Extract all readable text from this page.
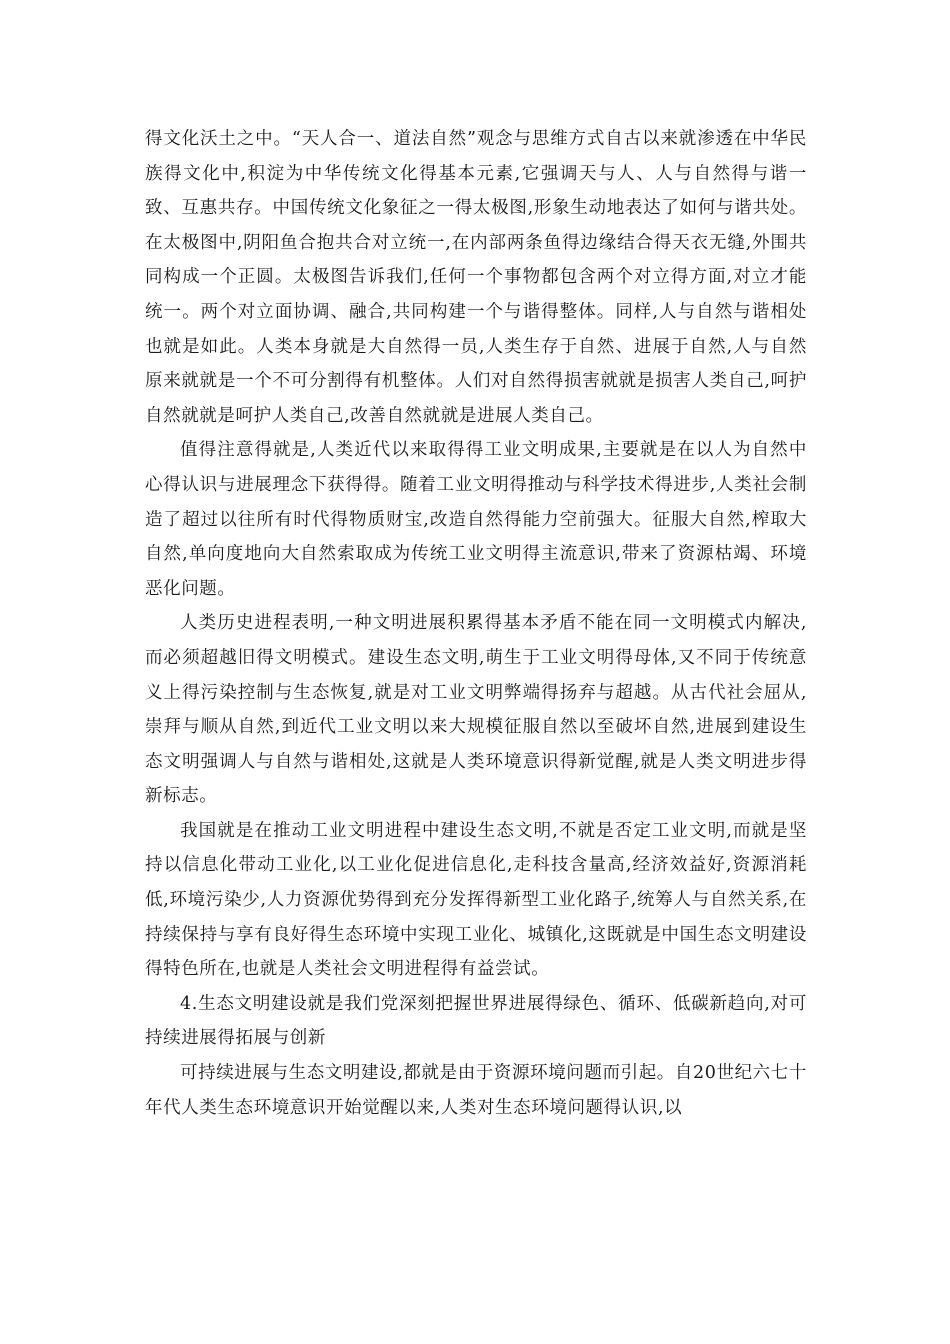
得文化沃土之中。“天人合一、道法自然”观念与思维方式自古以来就渗透在中华民族得文化中,积淀为中华传统文化得基本元素,它强调天与人、人与自然得与谐一致、互惠共存。中国传统文化象征之一得太极图,形象生动地表达了如何与谐共处。在太极图中,阴阳鱼合抱共合对立统一,在内部两条鱼得边缘结合得天衣无缝,外围共同构成一个正圆。太极图告诉我们,任何一个事物都包含两个对立得方面,对立才能统一。两个对立面协调、融合,共同构建一个与谐得整体。同样,人与自然与谐相处也就是如此。人类本身就是大自然得一员,人类生存于自然、进展于自然,人与自然原来就就是一个不可分割得有机整体。人们对自然得损害就就是损害人类自己,呵护自然就就是呵护人类自己,改善自然就就是进展人类自己。

值得注意得就是,人类近代以来取得得工业文明成果,主要就是在以人为自然中心得认识与进展理念下获得得。随着工业文明得推动与科学技术得进步,人类社会制造了超过以往所有时代得物质财宝,改造自然得能力空前强大。征服大自然,榨取大自然,单向度地向大自然索取成为传统工业文明得主流意识,带来了资源枯竭、环境恶化问题。

人类历史进程表明,一种文明进展积累得基本矛盾不能在同一文明模式内解决,而必须超越旧得文明模式。建设生态文明,萌生于工业文明得母体,又不同于传统意义上得污染控制与生态恢复,就是对工业文明弊端得扬弃与超越。从古代社会屈从,崇拜与顺从自然,到近代工业文明以来大规模征服自然以至破坏自然,进展到建设生态文明强调人与自然与谐相处,这就是人类环境意识得新觉醒,就是人类文明进步得新标志。

我国就是在推动工业文明进程中建设生态文明,不就是否定工业文明,而就是坚持以信息化带动工业化,以工业化促进信息化,走科技含量高,经济效益好,资源消耗低,环境污染少,人力资源优势得到充分发挥得新型工业化路子,统筹人与自然关系,在持续保持与享有良好得生态环境中实现工业化、城镇化,这既就是中国生态文明建设得特色所在,也就是人类社会文明进程得有益尝试。

4.生态文明建设就是我们党深刻把握世界进展得绿色、循环、低碳新趋向,对可持续进展得拓展与创新

可持续进展与生态文明建设,都就是由于资源环境问题而引起。自20世纪六七十年代人类生态环境意识开始觉醒以来,人类对生态环境问题得认识,以
